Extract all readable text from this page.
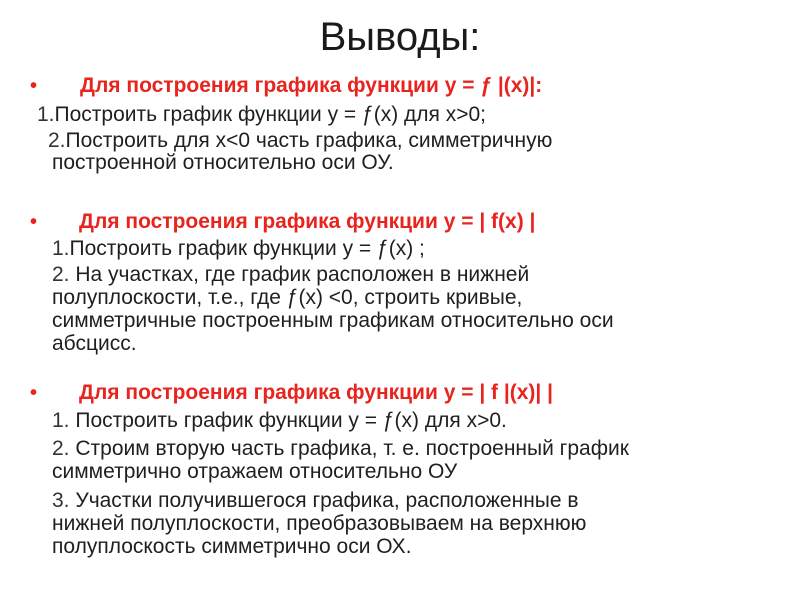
Выводы:
• Для построения графика функции у = ƒ |(х)|:
1.Построить график функции у = ƒ(х) для х>0;
2.Построить для х<0 часть графика, симметричную
построенной относительно оси ОУ.
• Для построения графика функции у = | f(x) |
1.Построить график функции у = ƒ(х) ;
2. На участках, где график расположен в нижней
полуплоскости, т.е., где ƒ(х) <0, строить кривые,
симметричные построенным графикам относительно оси
абсцисс.
• Для построения графика функции у = | f |(x)| |
1. Построить график функции у = ƒ(х) для х>0.
2. Строим вторую часть графика, т. е. построенный график
симметрично отражаем относительно ОУ
3. Участки получившегося графика, расположенные в
нижней полуплоскости, преобразовываем на верхнюю
полуплоскость симметрично оси ОХ.
